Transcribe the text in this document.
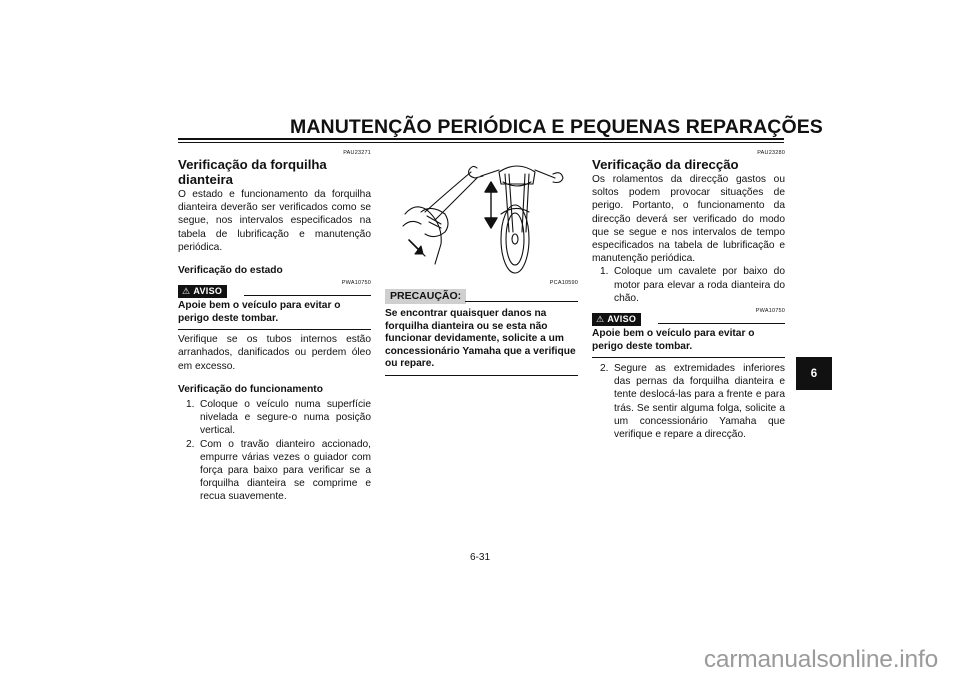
MANUTENÇÃO PERIÓDICA E PEQUENAS REPARAÇÕES

PAU23271

Verificação da forquilha dianteira

O estado e funcionamento da forquilha dianteira deverão ser verificados como se segue, nos intervalos especificados na tabela de lubrificação e manutenção periódica.

Verificação do estado

⚠ AVISO
PWA10750

Apoie bem o veículo para evitar o perigo deste tombar.

Verifique se os tubos internos estão arranhados, danificados ou perdem óleo em excesso.

Verificação do funcionamento

1. Coloque o veículo numa superfície nivelada e segure-o numa posição vertical.
2. Com o travão dianteiro accionado, empurre várias vezes o guiador com força para baixo para verificar se a forquilha dianteira se comprime e recua suavemente.
PRECAUÇÃO:
PCA10590

Se encontrar quaisquer danos na forquilha dianteira ou se esta não funcionar devidamente, solicite a um concessionário Yamaha que a verifique ou repare.

PAU23280

Verificação da direcção

Os rolamentos da direcção gastos ou soltos podem provocar situações de perigo. Portanto, o funcionamento da direcção deverá ser verificado do modo que se segue e nos intervalos de tempo especificados na tabela de lubrificação e manutenção periódica.

1. Coloque um cavalete por baixo do motor para elevar a roda dianteira do chão.
⚠ AVISO
PWA10750

Apoie bem o veículo para evitar o perigo deste tombar.

2. Segure as extremidades inferiores das pernas da forquilha dianteira e tente deslocá-las para a frente e para trás. Se sentir alguma folga, solicite a um concessionário Yamaha que verifique e repare a direcção.
6
6-31
carmanualsonline.info
